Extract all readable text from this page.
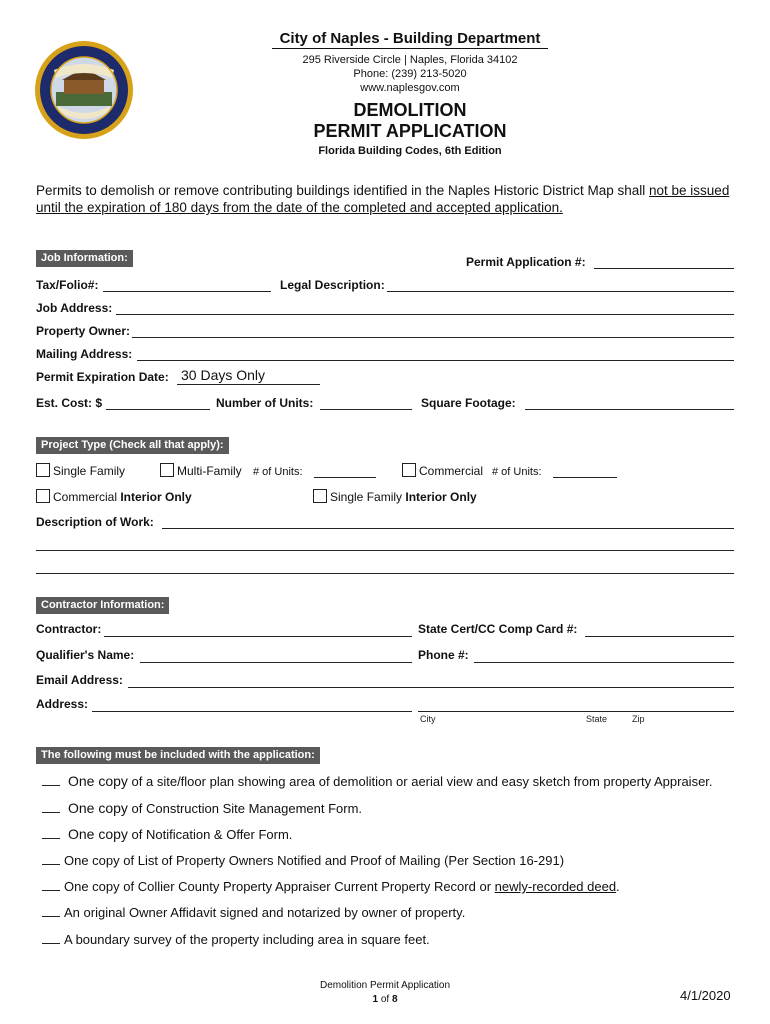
City of Naples - Building Department
295 Riverside Circle | Naples, Florida 34102
Phone: (239) 213-5020
www.naplesgov.com
DEMOLITION
PERMIT APPLICATION
Florida Building Codes, 6th Edition
Permits to demolish or remove contributing buildings identified in the Naples Historic District Map shall not be issued
until the expiration of 180 days from the date of the completed and accepted application.
Job Information:	Permit Application #:
Tax/Folio#:	Legal Description:
Job Address:
Property Owner:
Mailing Address:
Permit Expiration Date: 30 Days Only
Est. Cost: $	Number of Units:	Square Footage:
Project Type (Check all that apply):
Single Family	Multi-Family # of Units:	Commercial # of Units:
Commercial Interior Only	Single Family Interior Only
Description of Work:
Contractor Information:
Contractor:	State Cert/CC Comp Card #:
Qualifier's Name:	Phone #:
Email Address:
Address:
City	State	Zip
The following must be included with the application:
One copy of a site/floor plan showing area of demolition or aerial view and easy sketch from property Appraiser.
One copy of Construction Site Management Form.
One copy of Notification & Offer Form.
One copy of List of Property Owners Notified and Proof of Mailing (Per Section 16-291)
One copy of Collier County Property Appraiser Current Property Record or newly-recorded deed.
An original Owner Affidavit signed and notarized by owner of property.
A boundary survey of the property including area in square feet.
Demolition Permit Application
1 of 8	4/1/2020
